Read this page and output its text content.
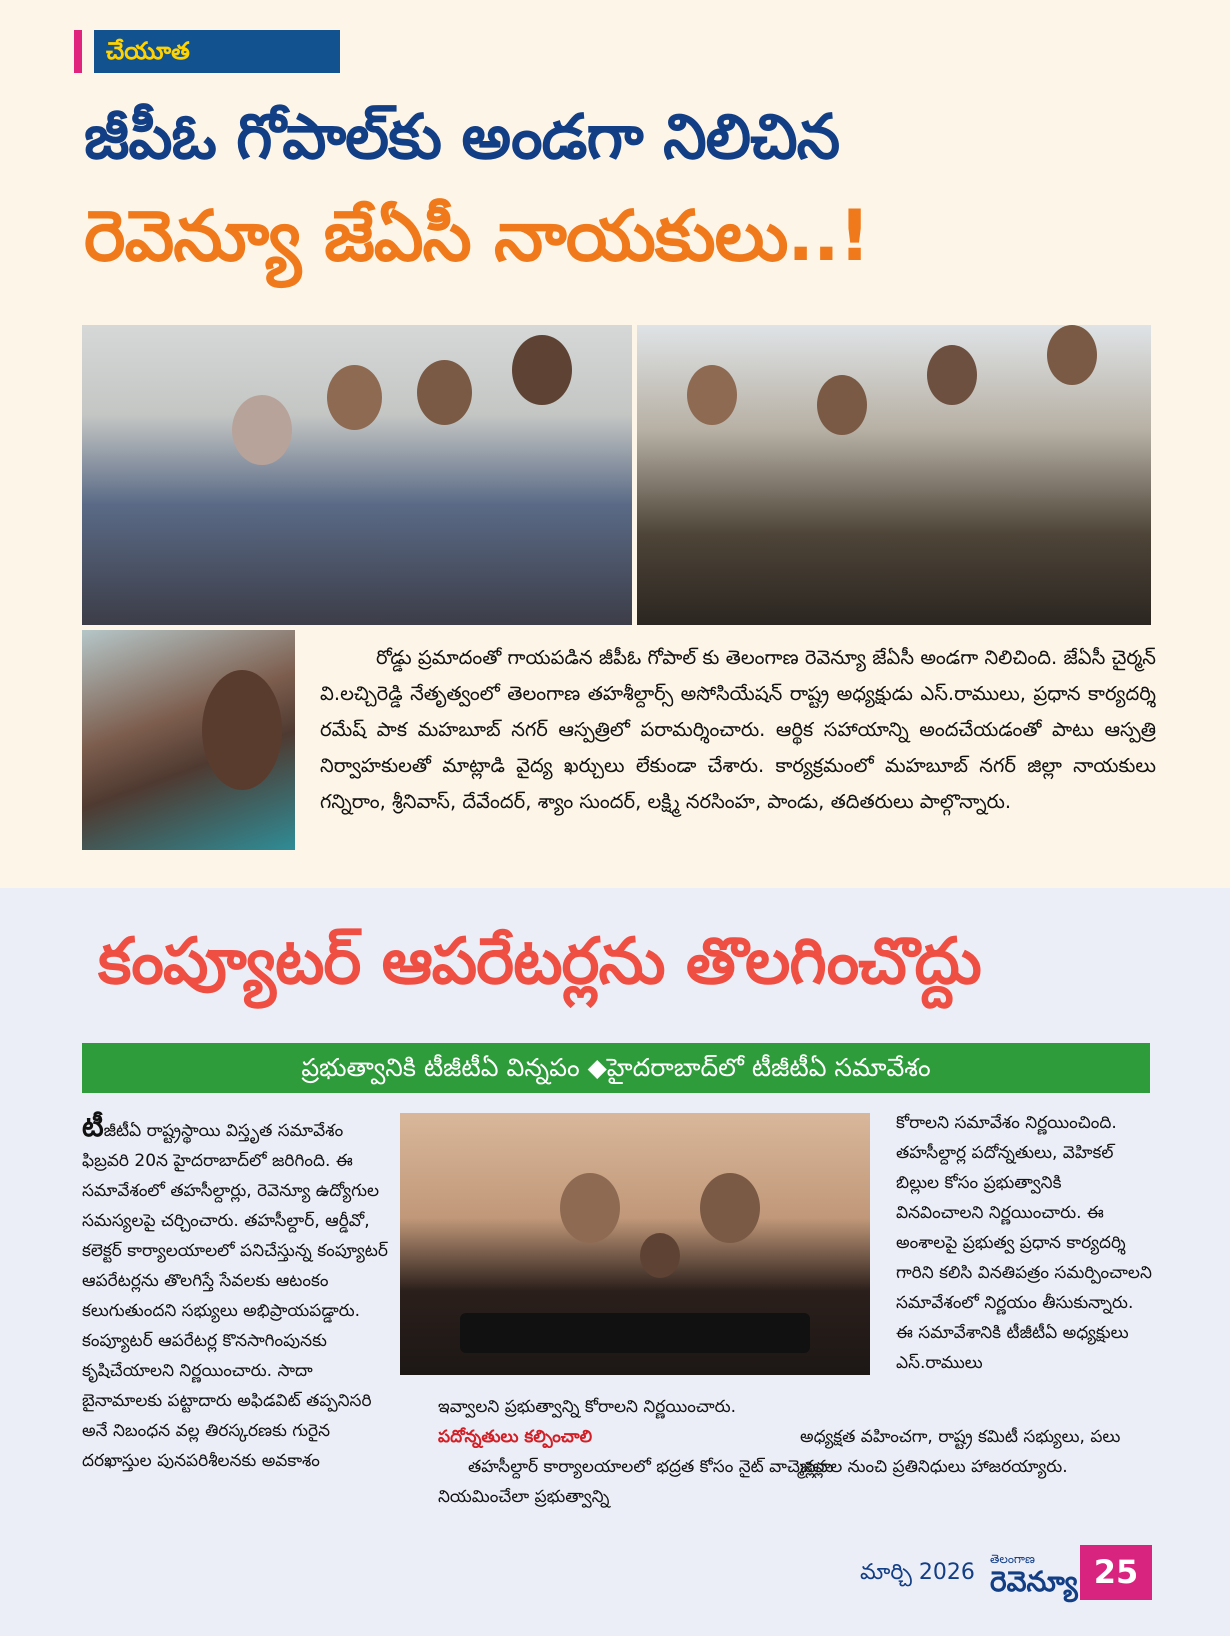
చేయూత
జీపీఓ గోపాల్‌కు అండగా నిలిచిన
రెవెన్యూ జేఏసీ నాయకులు..!

రోడ్డు ప్రమాదంతో గాయపడిన జీపీఓ గోపాల్ కు తెలంగాణ రెవెన్యూ జేఏసీ అండగా నిలిచింది. జేఏసీ చైర్మన్ వి.లచ్చిరెడ్డి నేతృత్వంలో తెలంగాణ తహశీల్దార్స్ అసోసియేషన్ రాష్ట్ర అధ్యక్షుడు ఎస్.రాములు, ప్రధాన కార్యదర్శి రమేష్ పాక మహబూబ్ నగర్ ఆస్పత్రిలో పరామర్శించారు. ఆర్థిక సహాయాన్ని అందచేయడంతో పాటు ఆస్పత్రి నిర్వాహకులతో మాట్లాడి వైద్య ఖర్చులు లేకుండా చేశారు. కార్యక్రమంలో మహబూబ్ నగర్ జిల్లా నాయకులు గన్నిరాం, శ్రీనివాస్, దేవేందర్, శ్యాం సుందర్, లక్ష్మి నరసింహ, పాండు, తదితరులు పాల్గొన్నారు.

కంప్యూటర్ ఆపరేటర్లను తొలగించొద్దు
ప్రభుత్వానికి టీజీటీఏ విన్నపం ◆హైదరాబాద్‌లో టీజీటీఏ సమావేశం
టీజీటీఏ రాష్ట్రస్థాయి విస్తృత సమావేశం ఫిబ్రవరి 20న హైదరాబాద్‌లో జరిగింది. ఈ సమావేశంలో తహసీల్దార్లు, రెవెన్యూ ఉద్యోగుల సమస్యలపై చర్చించారు. తహసీల్దార్, ఆర్డీవో, కలెక్టర్ కార్యాలయాలలో పనిచేస్తున్న కంప్యూటర్ ఆపరేటర్లను తొలగిస్తే సేవలకు ఆటంకం కలుగుతుందని సభ్యులు అభిప్రాయపడ్డారు. కంప్యూటర్ ఆపరేటర్ల కొనసాగింపునకు కృషిచేయాలని నిర్ణయించారు. సాదా బైనామాలకు పట్టాదారు అఫిడవిట్ తప్పనిసరి అనే నిబంధన వల్ల తిరస్కరణకు గురైన దరఖాస్తుల పునపరిశీలనకు అవకాశం
ఇవ్వాలని ప్రభుత్వాన్ని కోరాలని నిర్ణయించారు.
పదోన్నతులు కల్పించాలి
తహసీల్దార్ కార్యాలయాలలో భద్రత కోసం నైట్ వాచ్మెన్లను నియమించేలా ప్రభుత్వాన్ని
కోరాలని సమావేశం నిర్ణయించింది. తహసీల్దార్ల పదోన్నతులు, వెహికల్ బిల్లుల కోసం ప్రభుత్వానికి వినవించాలని నిర్ణయించారు. ఈ అంశాలపై ప్రభుత్వ ప్రధాన కార్యదర్శి గారిని కలిసి వినతిపత్రం సమర్పించాలని సమావేశంలో నిర్ణయం తీసుకున్నారు. ఈ సమావేశానికి టీజీటీఏ అధ్యక్షులు ఎస్.రాములు
అధ్యక్షత వహించగా, రాష్ట్ర కమిటీ సభ్యులు, పలు జిల్లాల నుంచి ప్రతినిధులు హాజరయ్యారు.
మార్చి 2026
తెలంగాణ
రెవెన్యూ 25
